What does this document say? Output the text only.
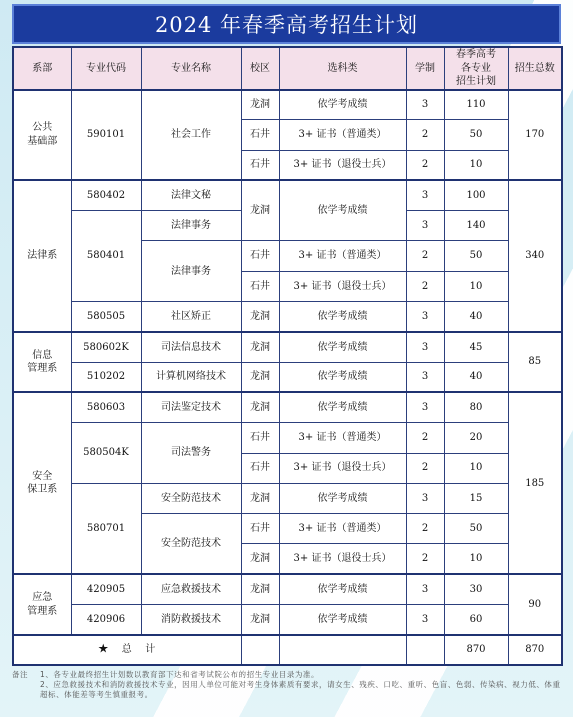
2024 年春季高考招生计划
系部	专业代码	专业名称	校区	选科类	学制	春季高考
各专业
招生计划	招生总数
公共
基础部	590101	社会工作	龙洞	依学考成绩	3	110	170
			石井	3+ 证书（普通类）	2	50	
			石井	3+ 证书（退役士兵）	2	10	
法律系	580402	法律文秘	龙洞	依学考成绩	3	100	340
	580401	法律事务			3	140	
		法律事务	石井	3+ 证书（普通类）	2	50	
			石井	3+ 证书（退役士兵）	2	10	
	580505	社区矫正	龙洞	依学考成绩	3	40	
信息
管理系	580602K	司法信息技术	龙洞	依学考成绩	3	45	85
	510202	计算机网络技术	龙洞	依学考成绩	3	40	
安全
保卫系	580603	司法鉴定技术	龙洞	依学考成绩	3	80	185
	580504K	司法警务	石井	3+ 证书（普通类）	2	20	
			石井	3+ 证书（退役士兵）	2	10	
	580701	安全防范技术	龙洞	依学考成绩	3	15	
		安全防范技术	石井	3+ 证书（普通类）	2	50	
			龙洞	3+ 证书（退役士兵）	2	10	
应急
管理系	420905	应急救援技术	龙洞	依学考成绩	3	30	90
	420906	消防救援技术	龙洞	依学考成绩	3	60	
★   总   计						870	870
备注	1、各专业最终招生计划数以教育部下达和省考试院公布的招生专业目录为准。
2、应急救援技术和消防救援技术专业，因用人单位可能对考生身体素质有要求，请女生、残疾、口吃、重听、色盲、色弱、传染病、视力低、体重超标、体能差等考生慎重报考。
